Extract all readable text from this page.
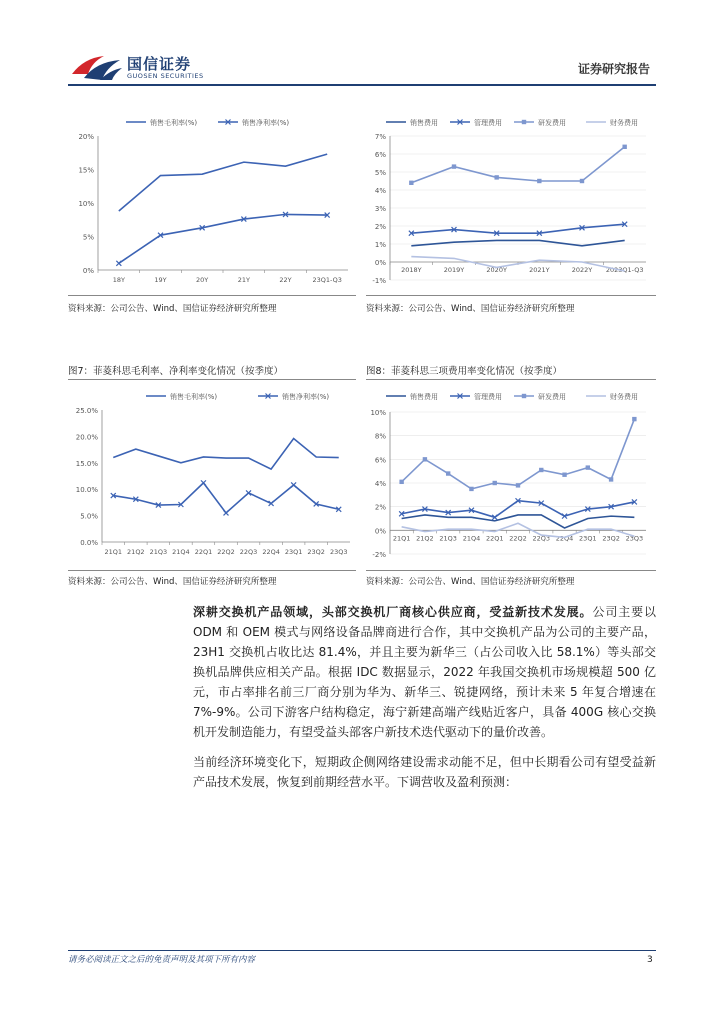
国信证券
GUOSEN SECURITIES	证券研究报告
0%
5%
10%
15%
20%
18Y	19Y	20Y	21Y	22Y	23Q1-Q3
销售毛利率(%)	销售净利率(%)
资料来源：公司公告、Wind、国信证券经济研究所整理
-1%
0%
1%
2%
3%
4%
5%
6%
7%
2018Y	2019Y	2020Y	2021Y	2022Y 2023Q1-Q3
销售费用	管理费用	研发费用	财务费用
资料来源：公司公告、Wind、国信证券经济研究所整理
图7：菲菱科思毛利率、净利率变化情况（按季度）
0.0%
5.0%
10.0%
15.0%
20.0%
25.0%
21Q1 21Q2 21Q3 21Q4 22Q1 22Q2 22Q3 22Q4 23Q1 23Q2 23Q3
销售毛利率(%)	销售净利率(%)
资料来源：公司公告、Wind、国信证券经济研究所整理
图8：菲菱科思三项费用率变化情况（按季度）
-2%
0%
2%
4%
6%
8%
10%
21Q1 21Q2 21Q3 21Q4 22Q1 22Q2 22Q3 22Q4 23Q1 23Q2 23Q3
销售费用	管理费用	研发费用	财务费用
资料来源：公司公告、Wind、国信证券经济研究所整理

深耕交换机产品领域，头部交换机厂商核心供应商，受益新技术发展。公司主要以 ODM 和 OEM 模式与网络设备品牌商进行合作，其中交换机产品为公司的主要产品，23H1 交换机占收比达 81.4%，并且主要为新华三（占公司收入比 58.1%）等头部交换机品牌供应相关产品。根据 IDC 数据显示，2022 年我国交换机市场规模超 500 亿元，市占率排名前三厂商分别为华为、新华三、锐捷网络，预计未来 5 年复合增速在 7%-9%。公司下游客户结构稳定，海宁新建高端产线贴近客户，具备 400G 核心交换机开发制造能力，有望受益头部客户新技术迭代驱动下的量价改善。

当前经济环境变化下，短期政企侧网络建设需求动能不足，但中长期看公司有望受益新产品技术发展，恢复到前期经营水平。下调营收及盈利预测：

请务必阅读正文之后的免责声明及其项下所有内容	3
